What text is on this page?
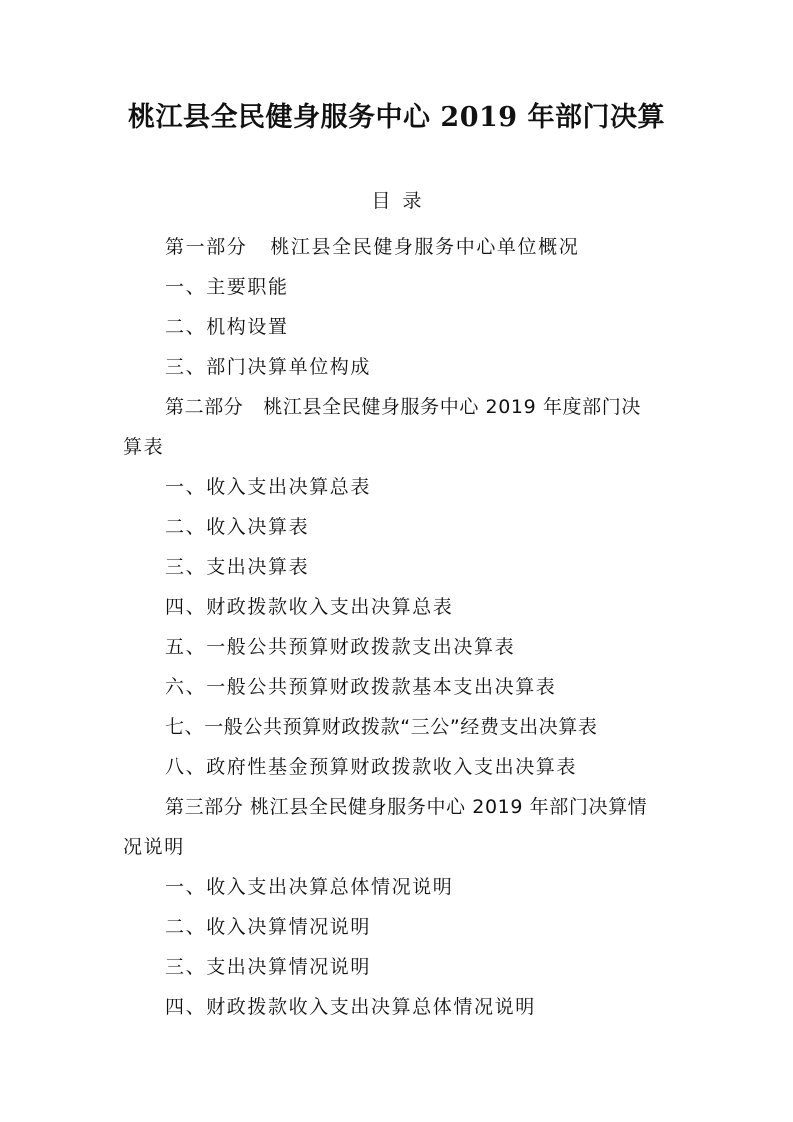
桃江县全民健身服务中心 2019 年部门决算
目  录
第一部分   桃江县全民健身服务中心单位概况
一、主要职能
二、机构设置
三、部门决算单位构成
第二部分   桃江县全民健身服务中心 2019 年度部门决
算表
一、收入支出决算总表
二、收入决算表
三、支出决算表
四、财政拨款收入支出决算总表
五、一般公共预算财政拨款支出决算表
六、一般公共预算财政拨款基本支出决算表
七、一般公共预算财政拨款“三公”经费支出决算表
八、政府性基金预算财政拨款收入支出决算表
第三部分 桃江县全民健身服务中心 2019 年部门决算情
况说明
一、收入支出决算总体情况说明
二、收入决算情况说明
三、支出决算情况说明
四、财政拨款收入支出决算总体情况说明
